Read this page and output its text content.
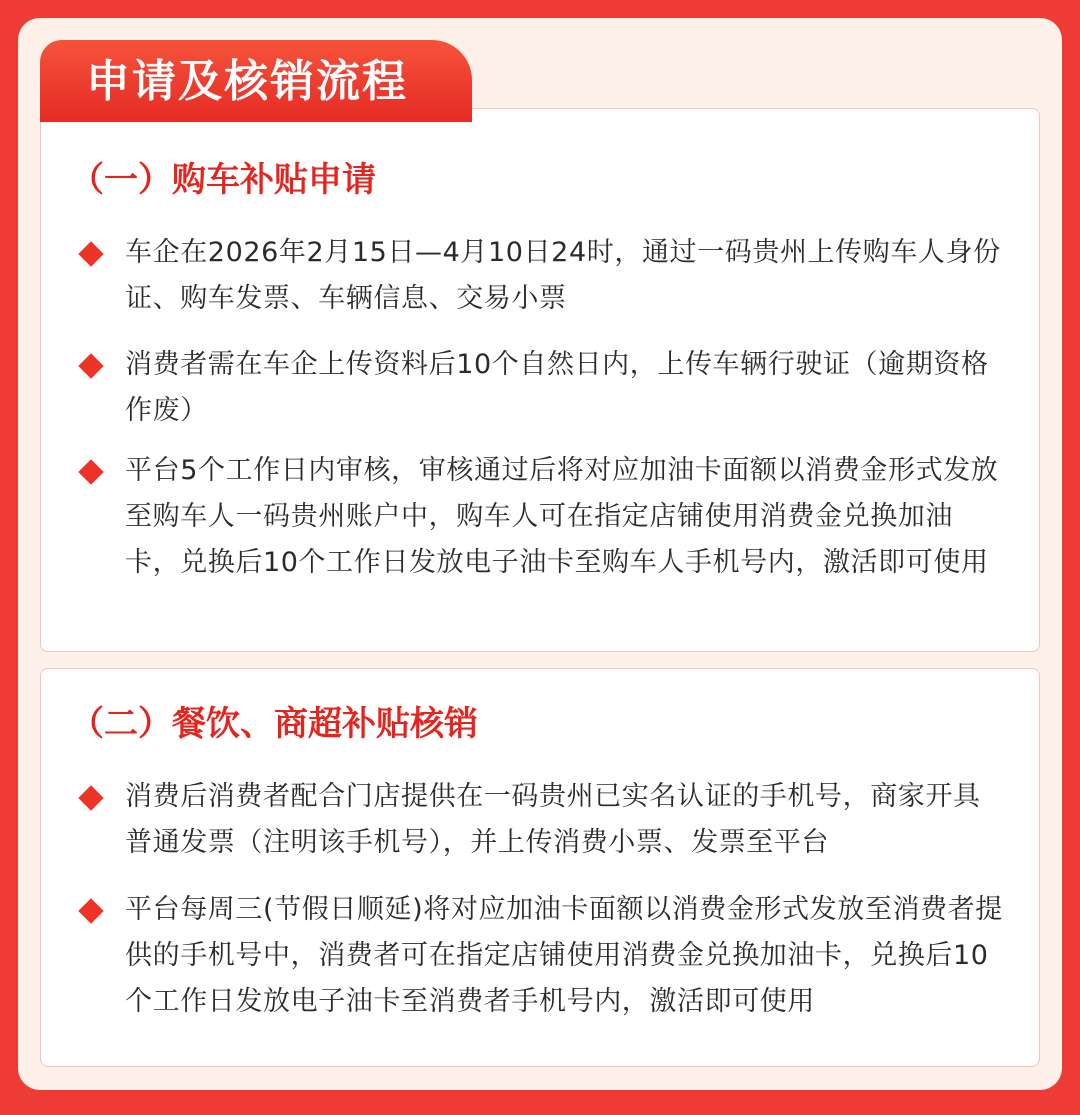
申请及核销流程
（一）购车补贴申请
车企在2026年2月15日—4月10日24时，通过一码贵州上传购车人身份证、购车发票、车辆信息、交易小票
消费者需在车企上传资料后10个自然日内，上传车辆行驶证（逾期资格作废）
平台5个工作日内审核，审核通过后将对应加油卡面额以消费金形式发放至购车人一码贵州账户中，购车人可在指定店铺使用消费金兑换加油卡，兑换后10个工作日发放电子油卡至购车人手机号内，激活即可使用
（二）餐饮、商超补贴核销
消费后消费者配合门店提供在一码贵州已实名认证的手机号，商家开具普通发票（注明该手机号），并上传消费小票、发票至平台
平台每周三(节假日顺延)将对应加油卡面额以消费金形式发放至消费者提供的手机号中，消费者可在指定店铺使用消费金兑换加油卡，兑换后10个工作日发放电子油卡至消费者手机号内，激活即可使用
